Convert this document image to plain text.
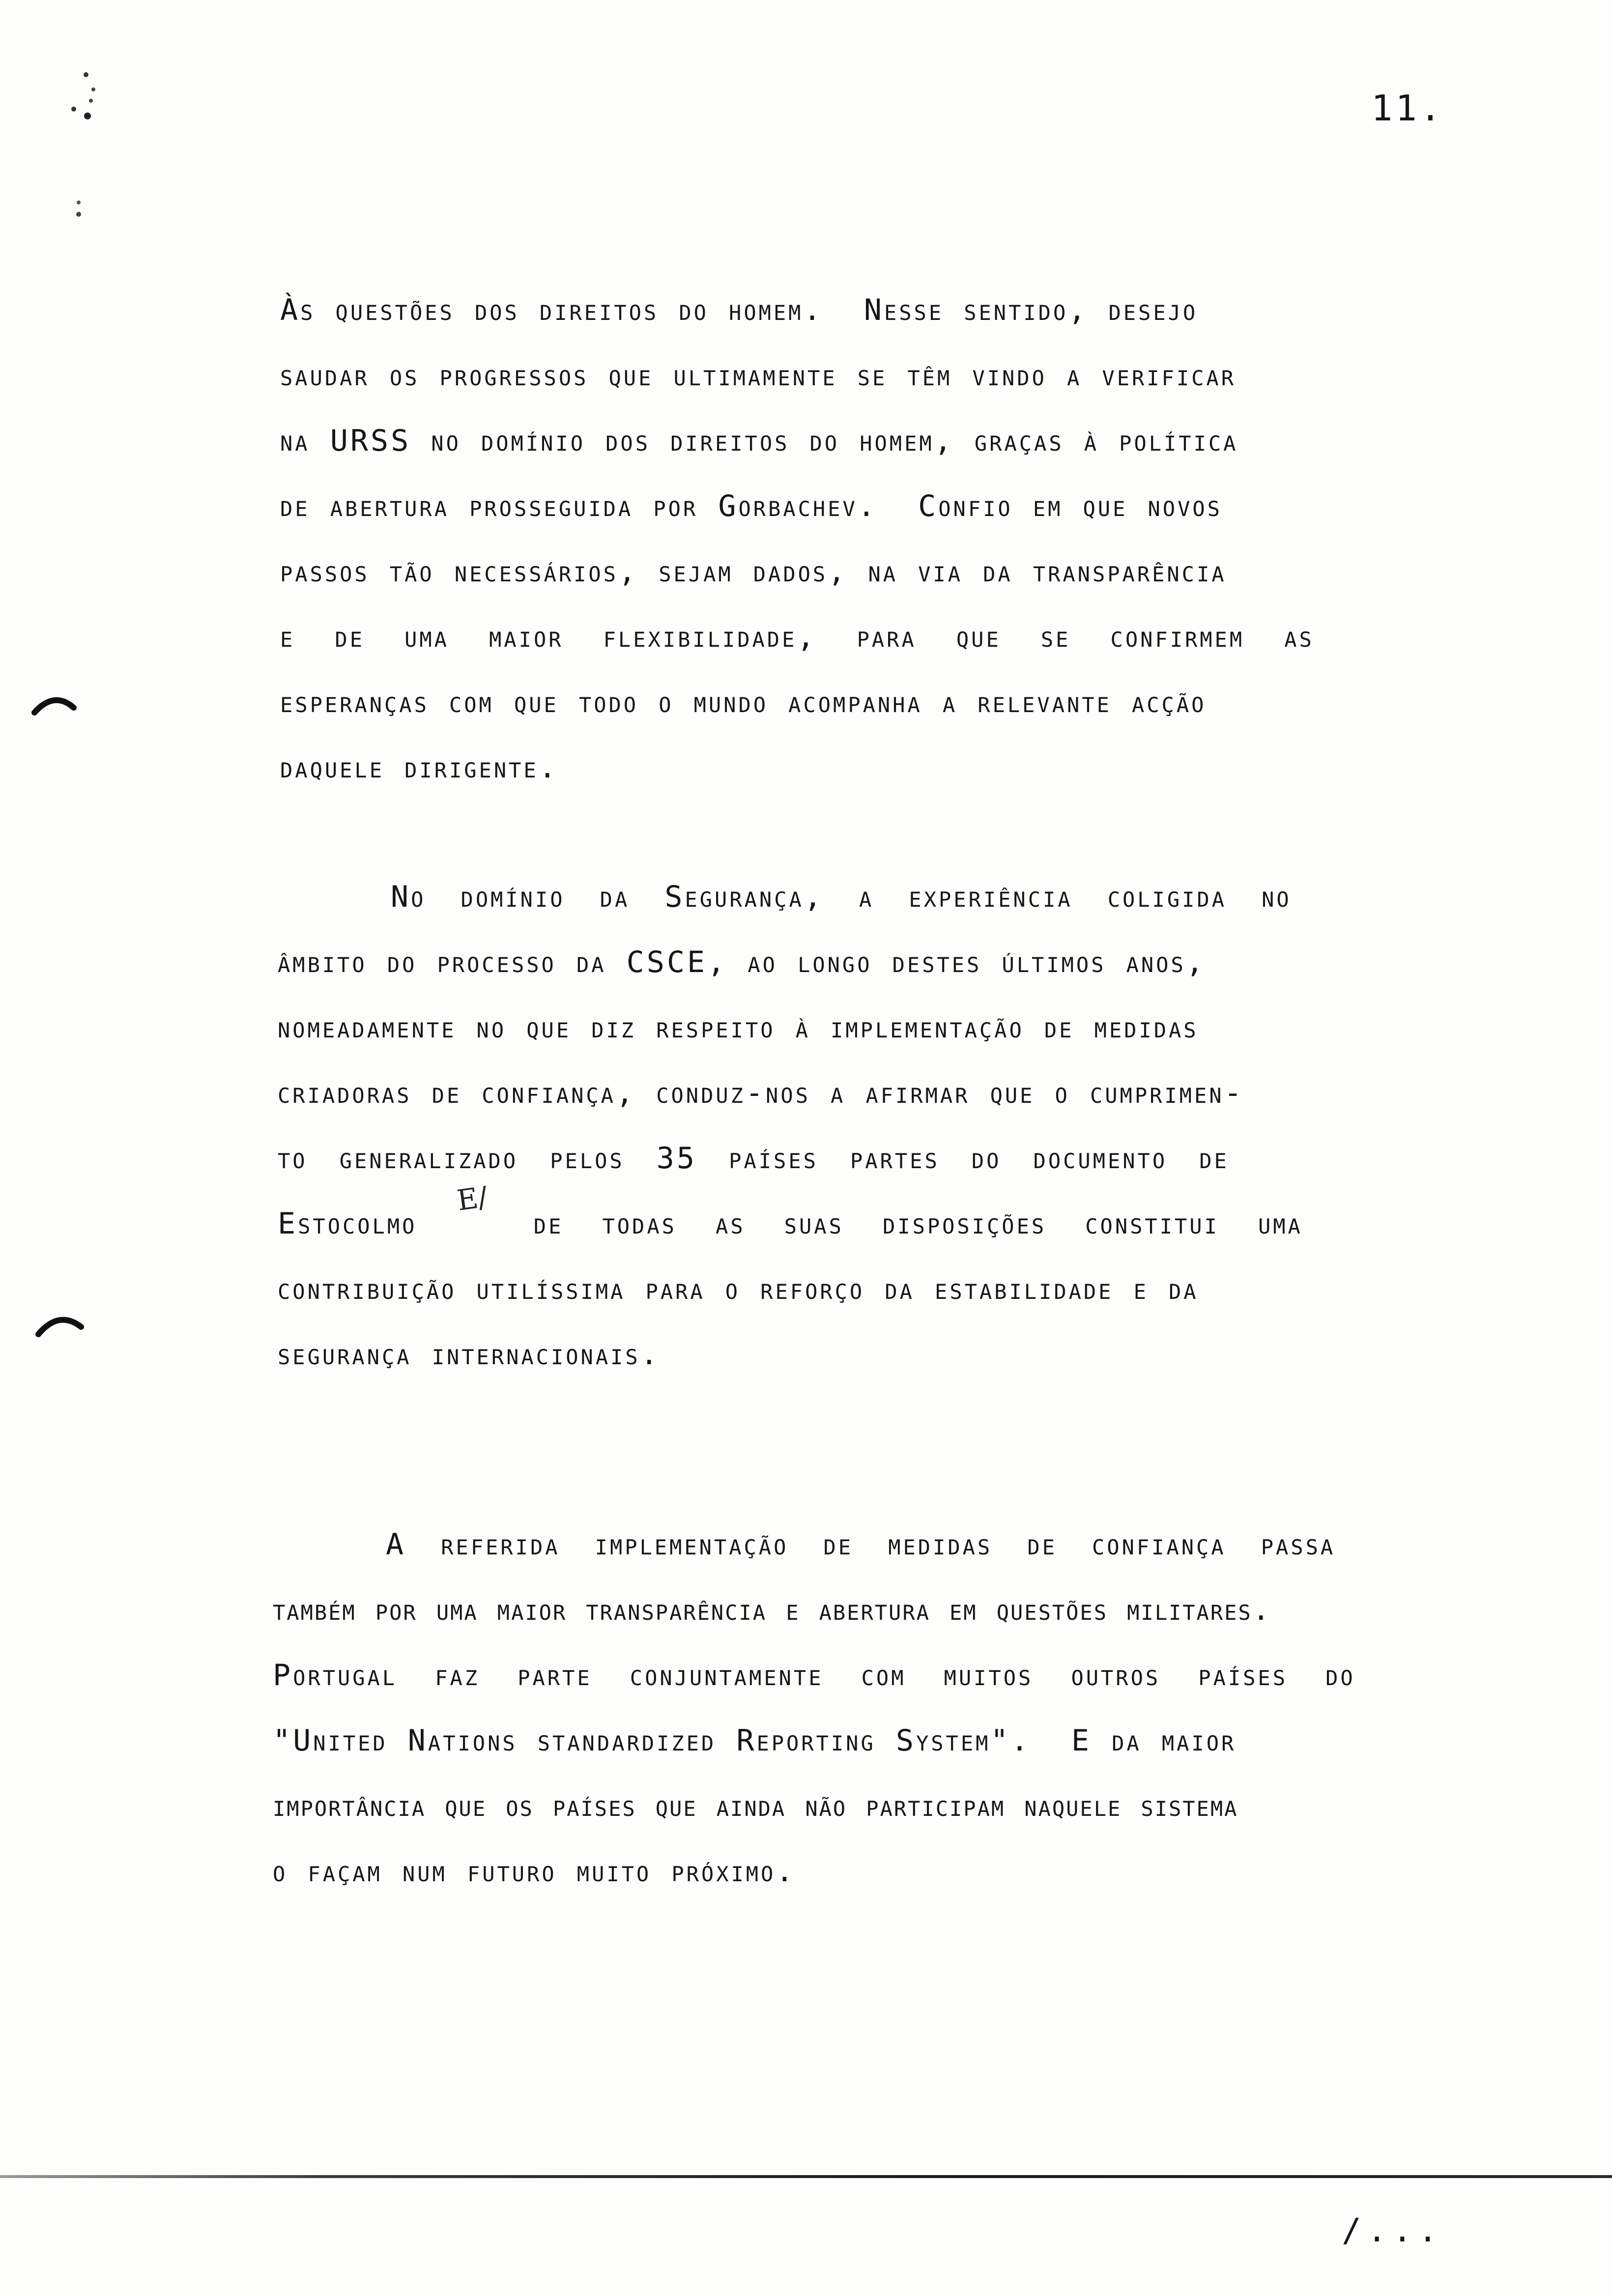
11.
Às questões dos direitos do homem.  Nesse sentido, desejo
saudar os progressos que ultimamente se têm vindo a verificar
na URSS no domínio dos direitos do homem, graças à política
de abertura prosseguida por Gorbachev.  Confio em que novos
passos tão necessários, sejam dados, na via da transparência
e de uma maior flexibilidade, para que se confirmem as
esperanças com que todo o mundo acompanha a relevante acção
daquele dirigente.
No domínio da Segurança, a experiência coligida no
âmbito do processo da CSCE, ao longo destes últimos anos,
nomeadamente no que diz respeito à implementação de medidas
criadoras de confiança, conduz-nos a afirmar que o cumprimen-
to generalizado pelos 35 países partes do documento de
Estocolmo   de todas as suas disposições constitui uma
contribuição utilíssima para o reforço da estabilidade e da
segurança internacionais.
E/
A referida implementação de medidas de confiança passa
também por uma maior transparência e abertura em questões militares.
Portugal faz parte conjuntamente com muitos outros países do
"United Nations standardized Reporting System".  E da maior
importância que os países que ainda não participam naquele sistema
o façam num futuro muito próximo.
/...
